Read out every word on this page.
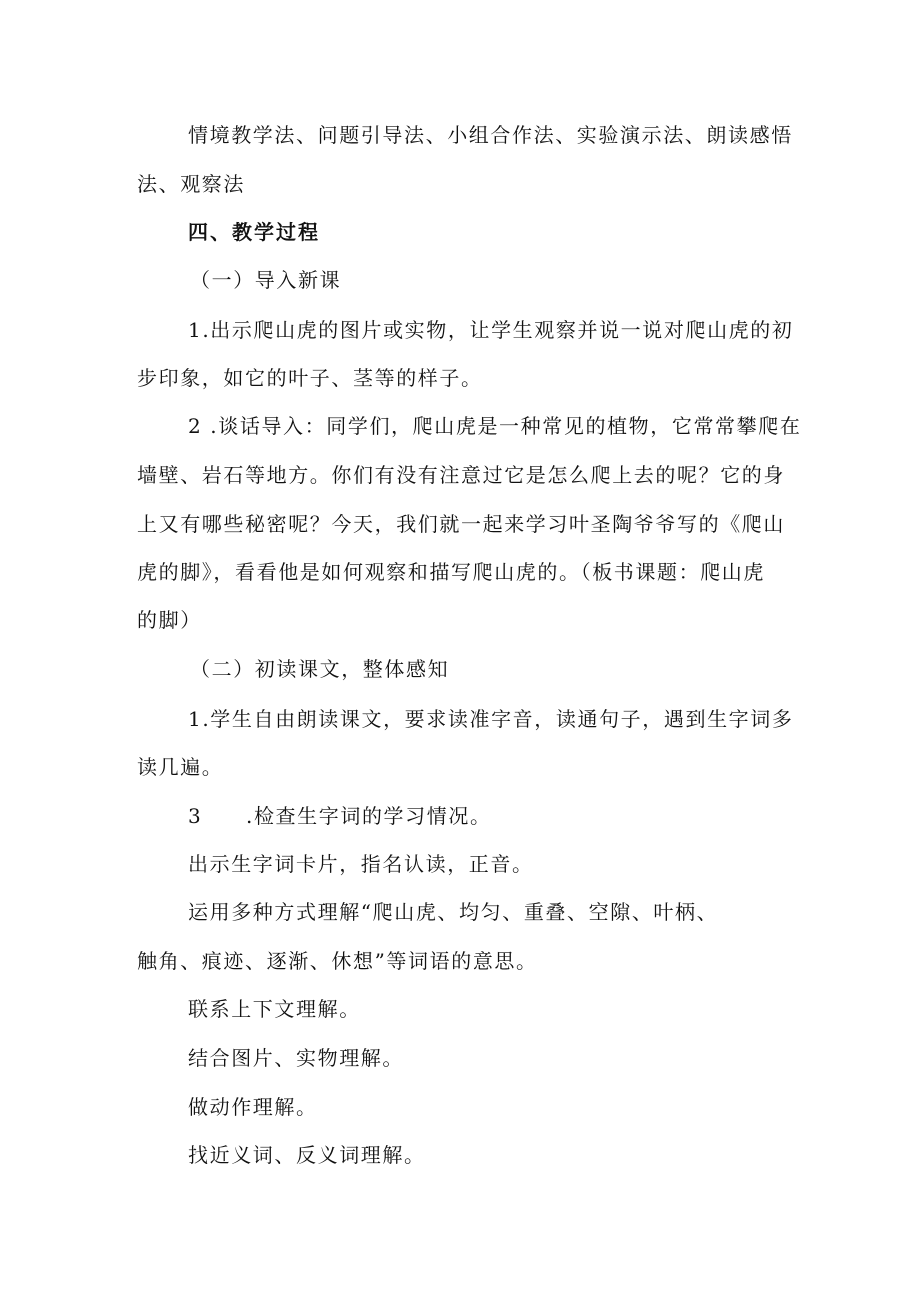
情境教学法、问题引导法、小组合作法、实验演示法、朗读感悟
法、观察法
四、教学过程
（一）导入新课
1.出示爬山虎的图片或实物，让学生观察并说一说对爬山虎的初
步印象，如它的叶子、茎等的样子。
2 .谈话导入：同学们，爬山虎是一种常见的植物，它常常攀爬在
墙壁、岩石等地方。你们有没有注意过它是怎么爬上去的呢？它的身
上又有哪些秘密呢？今天，我们就一起来学习叶圣陶爷爷写的《爬山
虎的脚》，看看他是如何观察和描写爬山虎的。（板书课题：爬山虎
的脚）
（二）初读课文，整体感知
1.学生自由朗读课文，要求读准字音，读通句子，遇到生字词多
读几遍。
3 .检查生字词的学习情况。
出示生字词卡片，指名认读，正音。
运用多种方式理解“爬山虎、均匀、重叠、空隙、叶柄、
触角、痕迹、逐渐、休想”等词语的意思。
联系上下文理解。
结合图片、实物理解。
做动作理解。
找近义词、反义词理解。
